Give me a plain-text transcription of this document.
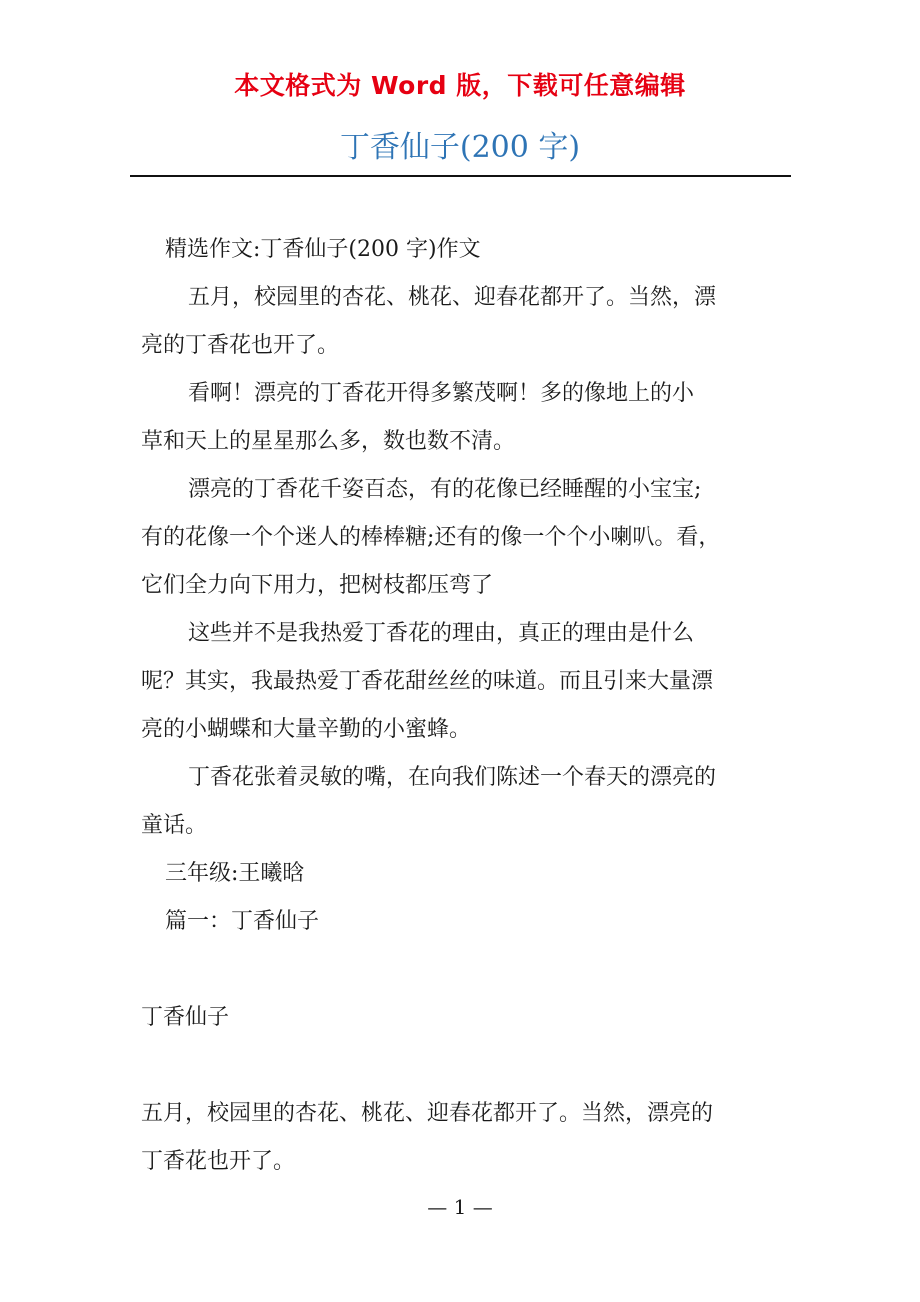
本文格式为 Word 版，下载可任意编辑
丁香仙子(200 字)
精选作文:丁香仙子(200 字)作文
五月，校园里的杏花、桃花、迎春花都开了。当然，漂
亮的丁香花也开了。
看啊！漂亮的丁香花开得多繁茂啊！多的像地上的小
草和天上的星星那么多，数也数不清。
漂亮的丁香花千姿百态，有的花像已经睡醒的小宝宝;
有的花像一个个迷人的棒棒糖;还有的像一个个小喇叭。看，
它们全力向下用力，把树枝都压弯了
这些并不是我热爱丁香花的理由，真正的理由是什么
呢？其实，我最热爱丁香花甜丝丝的味道。而且引来大量漂
亮的小蝴蝶和大量辛勤的小蜜蜂。
丁香花张着灵敏的嘴，在向我们陈述一个春天的漂亮的
童话。
三年级:王曦晗
篇一：丁香仙子
丁香仙子
五月，校园里的杏花、桃花、迎春花都开了。当然，漂亮的
丁香花也开了。
— 1 —
